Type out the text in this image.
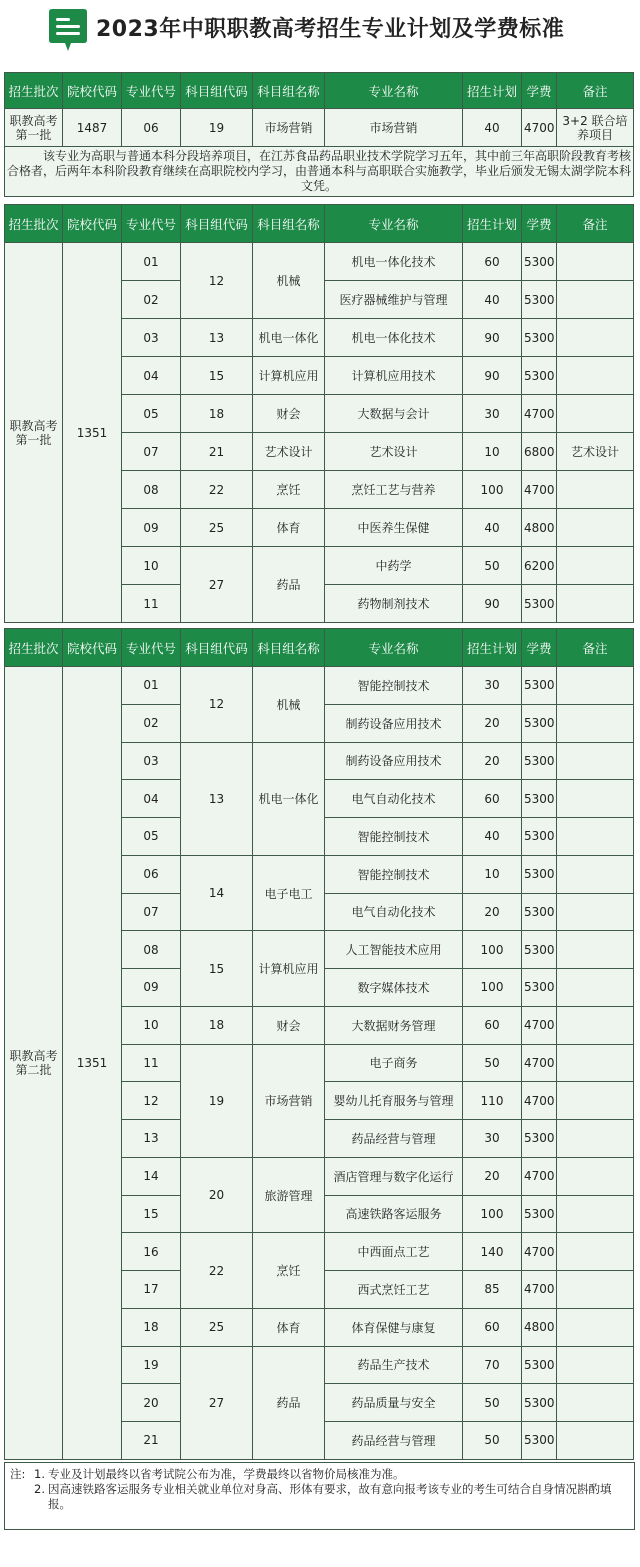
2023年中职职教高考招生专业计划及学费标准
招生批次	院校代码	专业代号	科目组代码	科目组名称	专业名称	招生计划	学费	备注
职教高考第一批	1487	06	19	市场营销	市场营销	40	4700	3+2 联合培养项目
该专业为高职与普通本科分段培养项目，在江苏食品药品职业技术学院学习五年，其中前三年高职阶段教育考核合格者，后两年本科阶段教育继续在高职院校内学习，由普通本科与高职联合实施教学，毕业后颁发无锡太湖学院本科文凭。								
招生批次	院校代码	专业代号	科目组代码	科目组名称	专业名称	招生计划	学费	备注
职教高考第一批	1351	01	12	机械	机电一体化技术	60	5300	
		02			医疗器械维护与管理	40	5300	
		03	13	机电一体化	机电一体化技术	90	5300	
		04	15	计算机应用	计算机应用技术	90	5300	
		05	18	财会	大数据与会计	30	4700	
		07	21	艺术设计	艺术设计	10	6800	艺术设计
		08	22	烹饪	烹饪工艺与营养	100	4700	
		09	25	体育	中医养生保健	40	4800	
		10	27	药品	中药学	50	6200	
		11			药物制剂技术	90	5300	
招生批次	院校代码	专业代号	科目组代码	科目组名称	专业名称	招生计划	学费	备注
职教高考第二批	1351	01	12	机械	智能控制技术	30	5300	
		02			制药设备应用技术	20	5300	
		03	13	机电一体化	制药设备应用技术	20	5300	
		04			电气自动化技术	60	5300	
		05			智能控制技术	40	5300	
		06	14	电子电工	智能控制技术	10	5300	
		07			电气自动化技术	20	5300	
		08	15	计算机应用	人工智能技术应用	100	5300	
		09			数字媒体技术	100	5300	
		10	18	财会	大数据财务管理	60	4700	
		11	19	市场营销	电子商务	50	4700	
		12			婴幼儿托育服务与管理	110	4700	
		13			药品经营与管理	30	5300	
		14	20	旅游管理	酒店管理与数字化运行	20	4700	
		15			高速铁路客运服务	100	5300	
		16	22	烹饪	中西面点工艺	140	4700	
		17			西式烹饪工艺	85	4700	
		18	25	体育	体育保健与康复	60	4800	
		19	27	药品	药品生产技术	70	5300	
		20			药品质量与安全	50	5300	
		21			药品经营与管理	50	5300	
注: 1. 专业及计划最终以省考试院公布为准，学费最终以省物价局核准为准。
2. 因高速铁路客运服务专业相关就业单位对身高、形体有要求，故有意向报考该专业的考生可结合自身情况斟酌填报。
